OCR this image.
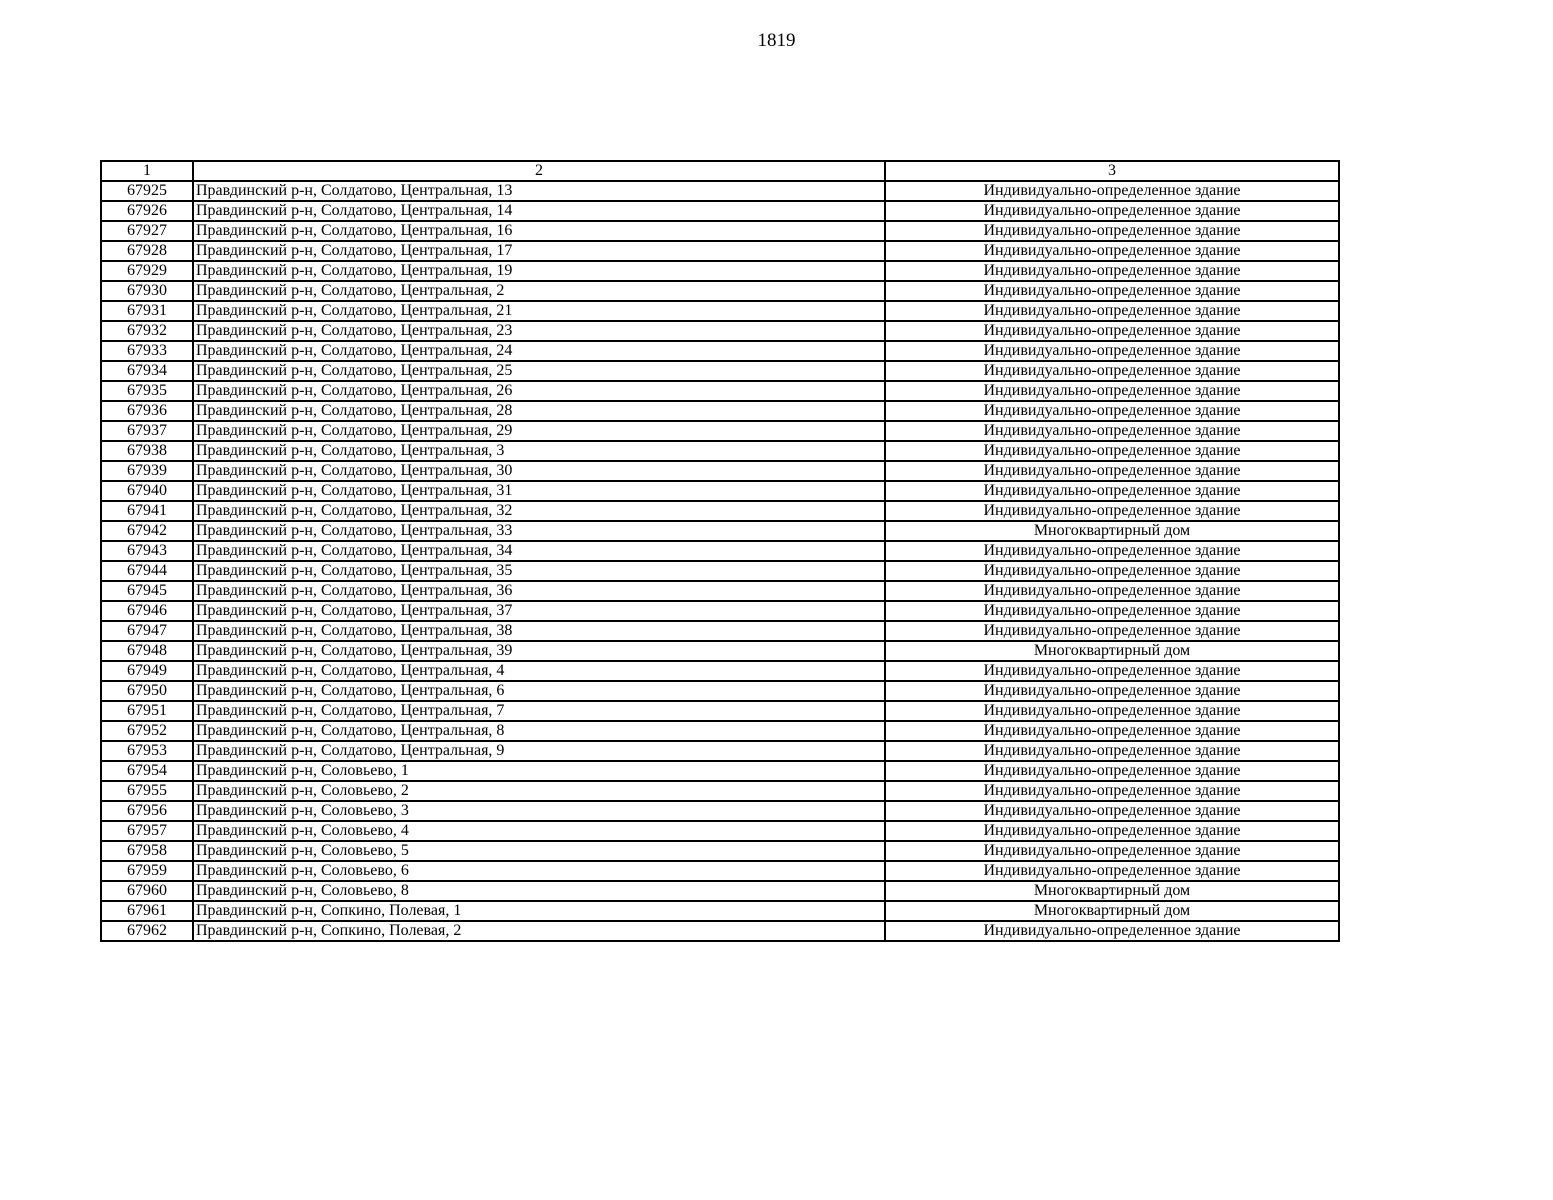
1819
1	2	3
67925	Правдинский р-н, Солдатово, Центральная, 13	Индивидуально-определенное здание
67926	Правдинский р-н, Солдатово, Центральная, 14	Индивидуально-определенное здание
67927	Правдинский р-н, Солдатово, Центральная, 16	Индивидуально-определенное здание
67928	Правдинский р-н, Солдатово, Центральная, 17	Индивидуально-определенное здание
67929	Правдинский р-н, Солдатово, Центральная, 19	Индивидуально-определенное здание
67930	Правдинский р-н, Солдатово, Центральная, 2	Индивидуально-определенное здание
67931	Правдинский р-н, Солдатово, Центральная, 21	Индивидуально-определенное здание
67932	Правдинский р-н, Солдатово, Центральная, 23	Индивидуально-определенное здание
67933	Правдинский р-н, Солдатово, Центральная, 24	Индивидуально-определенное здание
67934	Правдинский р-н, Солдатово, Центральная, 25	Индивидуально-определенное здание
67935	Правдинский р-н, Солдатово, Центральная, 26	Индивидуально-определенное здание
67936	Правдинский р-н, Солдатово, Центральная, 28	Индивидуально-определенное здание
67937	Правдинский р-н, Солдатово, Центральная, 29	Индивидуально-определенное здание
67938	Правдинский р-н, Солдатово, Центральная, 3	Индивидуально-определенное здание
67939	Правдинский р-н, Солдатово, Центральная, 30	Индивидуально-определенное здание
67940	Правдинский р-н, Солдатово, Центральная, 31	Индивидуально-определенное здание
67941	Правдинский р-н, Солдатово, Центральная, 32	Индивидуально-определенное здание
67942	Правдинский р-н, Солдатово, Центральная, 33	Многоквартирный дом
67943	Правдинский р-н, Солдатово, Центральная, 34	Индивидуально-определенное здание
67944	Правдинский р-н, Солдатово, Центральная, 35	Индивидуально-определенное здание
67945	Правдинский р-н, Солдатово, Центральная, 36	Индивидуально-определенное здание
67946	Правдинский р-н, Солдатово, Центральная, 37	Индивидуально-определенное здание
67947	Правдинский р-н, Солдатово, Центральная, 38	Индивидуально-определенное здание
67948	Правдинский р-н, Солдатово, Центральная, 39	Многоквартирный дом
67949	Правдинский р-н, Солдатово, Центральная, 4	Индивидуально-определенное здание
67950	Правдинский р-н, Солдатово, Центральная, 6	Индивидуально-определенное здание
67951	Правдинский р-н, Солдатово, Центральная, 7	Индивидуально-определенное здание
67952	Правдинский р-н, Солдатово, Центральная, 8	Индивидуально-определенное здание
67953	Правдинский р-н, Солдатово, Центральная, 9	Индивидуально-определенное здание
67954	Правдинский р-н, Соловьево, 1	Индивидуально-определенное здание
67955	Правдинский р-н, Соловьево, 2	Индивидуально-определенное здание
67956	Правдинский р-н, Соловьево, 3	Индивидуально-определенное здание
67957	Правдинский р-н, Соловьево, 4	Индивидуально-определенное здание
67958	Правдинский р-н, Соловьево, 5	Индивидуально-определенное здание
67959	Правдинский р-н, Соловьево, 6	Индивидуально-определенное здание
67960	Правдинский р-н, Соловьево, 8	Многоквартирный дом
67961	Правдинский р-н, Сопкино, Полевая, 1	Многоквартирный дом
67962	Правдинский р-н, Сопкино, Полевая, 2	Индивидуально-определенное здание
